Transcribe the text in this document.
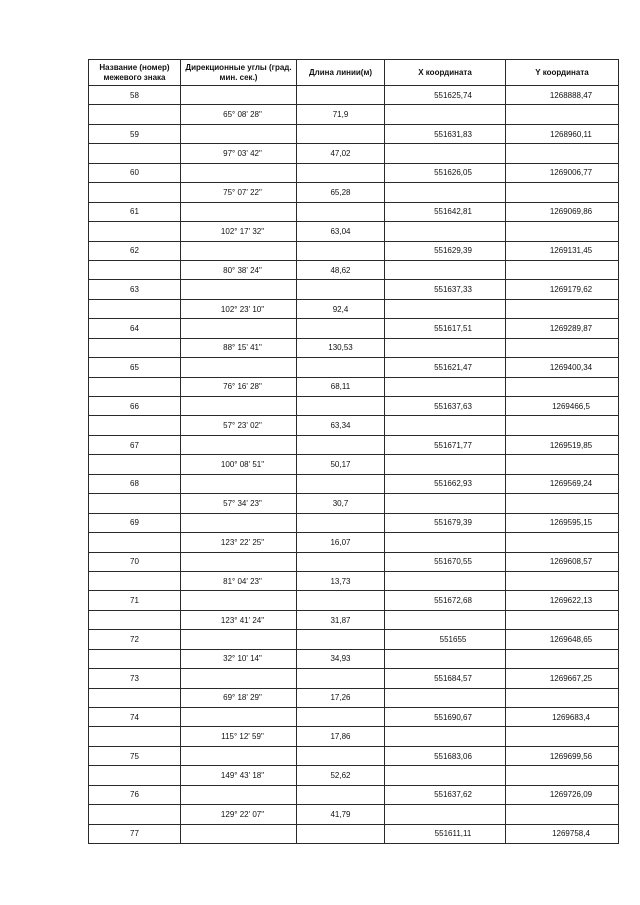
Название (номер) межевого знака	Дирекционные углы (град. мин. сек.)	Длина линии(м)	X координата	Y координата
58			551625,74	1268888,47
	65° 08' 28"	71,9		
59			551631,83	1268960,11
	97° 03' 42"	47,02		
60			551626,05	1269006,77
	75° 07' 22"	65,28		
61			551642,81	1269069,86
	102° 17' 32"	63,04		
62			551629,39	1269131,45
	80° 38' 24"	48,62		
63			551637,33	1269179,62
	102° 23' 10"	92,4		
64			551617,51	1269289,87
	88° 15' 41"	130,53		
65			551621,47	1269400,34
	76° 16' 28"	68,11		
66			551637,63	1269466,5
	57° 23' 02"	63,34		
67			551671,77	1269519,85
	100° 08' 51"	50,17		
68			551662,93	1269569,24
	57° 34' 23"	30,7		
69			551679,39	1269595,15
	123° 22' 25"	16,07		
70			551670,55	1269608,57
	81° 04' 23"	13,73		
71			551672,68	1269622,13
	123° 41' 24"	31,87		
72			551655	1269648,65
	32° 10' 14"	34,93		
73			551684,57	1269667,25
	69° 18' 29"	17,26		
74			551690,67	1269683,4
	115° 12' 59"	17,86		
75			551683,06	1269699,56
	149° 43' 18"	52,62		
76			551637,62	1269726,09
	129° 22' 07"	41,79		
77			551611,11	1269758,4
